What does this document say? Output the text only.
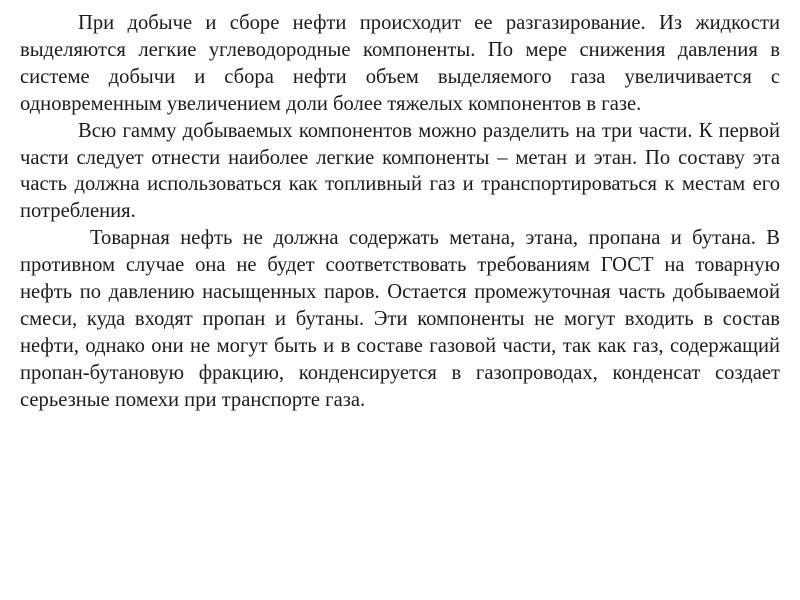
При добыче и сборе нефти происходит ее разгазирование. Из жидкости выделяются легкие углеводородные компоненты. По мере снижения давления в системе добычи и сбора нефти объем выделяемого газа увеличивается с одновременным увеличением доли более тяжелых компонентов в газе.

Всю гамму добываемых компонентов можно разделить на три части. К первой части следует отнести наиболее легкие компоненты – метан и этан. По составу эта часть должна использоваться как топливный газ и транспортироваться к местам его потребления.

Товарная нефть не должна содержать метана, этана, пропана и бутана. В противном случае она не будет соответствовать требованиям ГОСТ на товарную нефть по давлению насыщенных паров. Остается промежуточная часть добываемой смеси, куда входят пропан и бутаны. Эти компоненты не могут входить в состав нефти, однако они не могут быть и в составе газовой части, так как газ, содержащий пропан-бутановую фракцию, конденсируется в газопроводах, конденсат создает серьезные помехи при транспорте газа.
